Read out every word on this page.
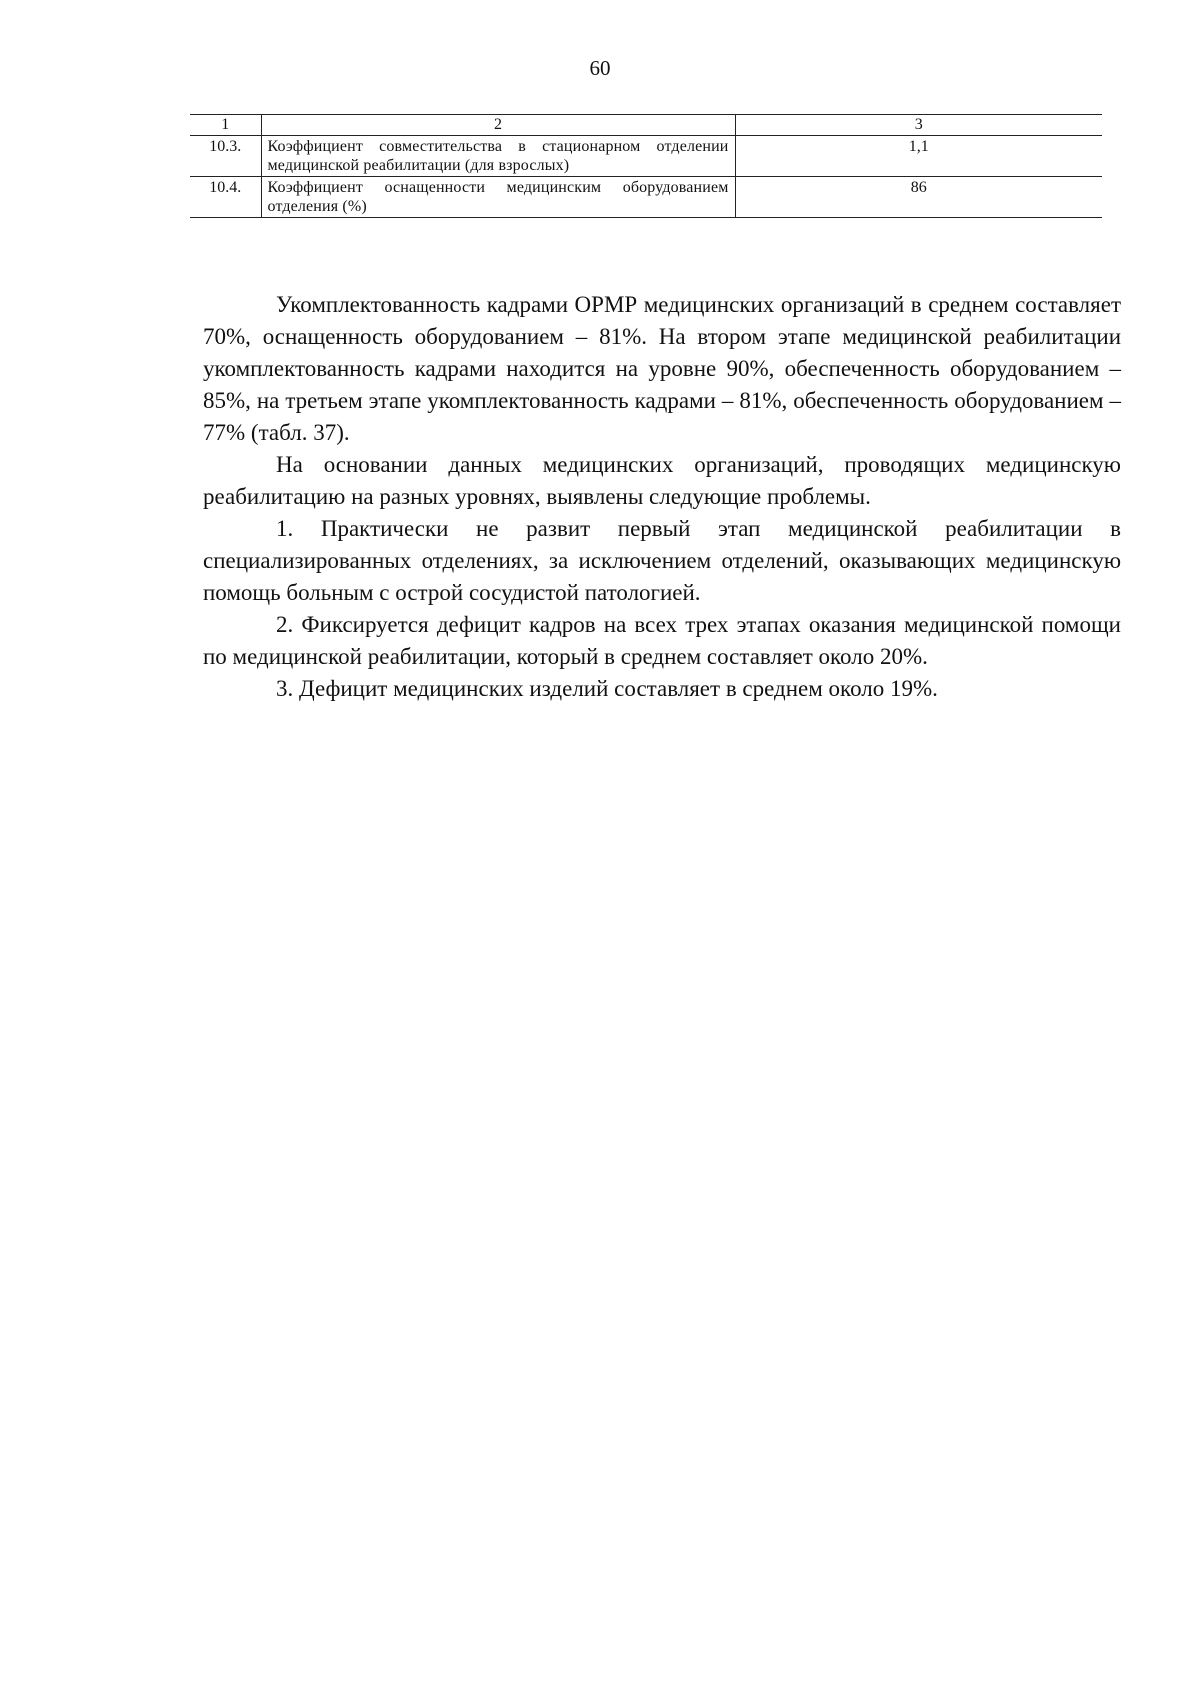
60
1	2	3
10.3.	Коэффициент совместительства в стационарном отделении медицинской реабилитации (для взрослых)	1,1
10.4.	Коэффициент оснащенности медицинским оборудованием отделения (%)	86

Укомплектованность кадрами ОРМР медицинских организаций в среднем составляет 70%, оснащенность оборудованием – 81%. На втором этапе медицинской реабилитации укомплектованность кадрами находится на уровне 90%, обеспеченность оборудованием – 85%, на третьем этапе укомплектованность кадрами – 81%, обеспеченность оборудованием – 77% (табл. 37).

На основании данных медицинских организаций, проводящих медицинскую реабилитацию на разных уровнях, выявлены следующие проблемы.

1. Практически не развит первый этап медицинской реабилитации в специализированных отделениях, за исключением отделений, оказывающих медицинскую помощь больным с острой сосудистой патологией.

2. Фиксируется дефицит кадров на всех трех этапах оказания медицинской помощи по медицинской реабилитации, который в среднем составляет около 20%.

3. Дефицит медицинских изделий составляет в среднем около 19%.
